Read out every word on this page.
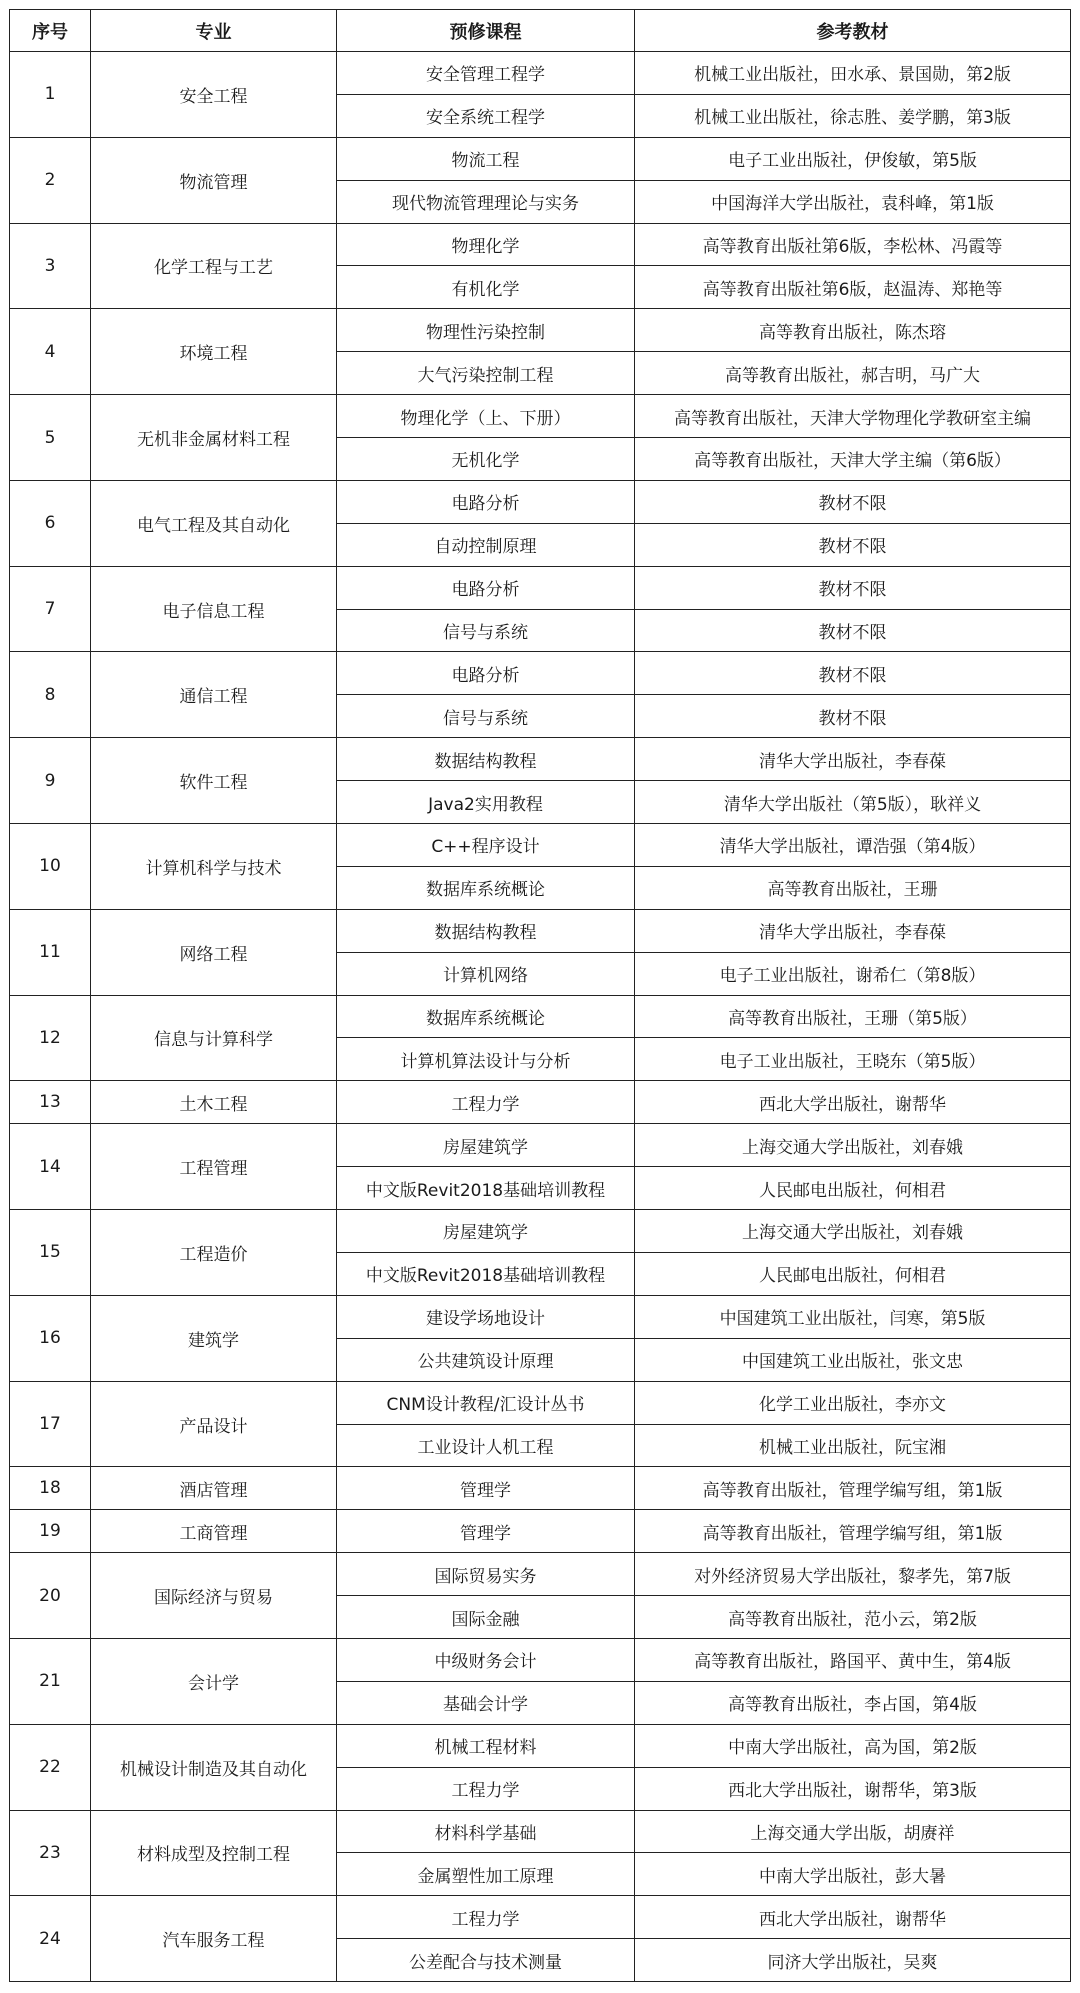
序号	专业	预修课程	参考教材
1	安全工程	安全管理工程学	机械工业出版社，田水承、景国勋，第2版
		安全系统工程学	机械工业出版社，徐志胜、姜学鹏，第3版
2	物流管理	物流工程	电子工业出版社，伊俊敏，第5版
		现代物流管理理论与实务	中国海洋大学出版社，袁科峰，第1版
3	化学工程与工艺	物理化学	高等教育出版社第6版，李松林、冯霞等
		有机化学	高等教育出版社第6版，赵温涛、郑艳等
4	环境工程	物理性污染控制	高等教育出版社，陈杰瑢
		大气污染控制工程	高等教育出版社，郝吉明，马广大
5	无机非金属材料工程	物理化学（上、下册）	高等教育出版社，天津大学物理化学教研室主编
		无机化学	高等教育出版社，天津大学主编（第6版）
6	电气工程及其自动化	电路分析	教材不限
		自动控制原理	教材不限
7	电子信息工程	电路分析	教材不限
		信号与系统	教材不限
8	通信工程	电路分析	教材不限
		信号与系统	教材不限
9	软件工程	数据结构教程	清华大学出版社，李春葆
		Java2实用教程	清华大学出版社（第5版），耿祥义
10	计算机科学与技术	C++程序设计	清华大学出版社，谭浩强（第4版）
		数据库系统概论	高等教育出版社，王珊
11	网络工程	数据结构教程	清华大学出版社，李春葆
		计算机网络	电子工业出版社，谢希仁（第8版）
12	信息与计算科学	数据库系统概论	高等教育出版社，王珊（第5版）
		计算机算法设计与分析	电子工业出版社，王晓东（第5版）
13	土木工程	工程力学	西北大学出版社，谢帮华
14	工程管理	房屋建筑学	上海交通大学出版社，刘春娥
		中文版Revit2018基础培训教程	人民邮电出版社，何相君
15	工程造价	房屋建筑学	上海交通大学出版社，刘春娥
		中文版Revit2018基础培训教程	人民邮电出版社，何相君
16	建筑学	建设学场地设计	中国建筑工业出版社，闫寒，第5版
		公共建筑设计原理	中国建筑工业出版社，张文忠
17	产品设计	CNM设计教程/汇设计丛书	化学工业出版社，李亦文
		工业设计人机工程	机械工业出版社，阮宝湘
18	酒店管理	管理学	高等教育出版社，管理学编写组，第1版
19	工商管理	管理学	高等教育出版社，管理学编写组，第1版
20	国际经济与贸易	国际贸易实务	对外经济贸易大学出版社，黎孝先，第7版
		国际金融	高等教育出版社，范小云，第2版
21	会计学	中级财务会计	高等教育出版社，路国平、黄中生，第4版
		基础会计学	高等教育出版社，李占国，第4版
22	机械设计制造及其自动化	机械工程材料	中南大学出版社，高为国，第2版
		工程力学	西北大学出版社，谢帮华，第3版
23	材料成型及控制工程	材料科学基础	上海交通大学出版，胡赓祥
		金属塑性加工原理	中南大学出版社，彭大暑
24	汽车服务工程	工程力学	西北大学出版社，谢帮华
		公差配合与技术测量	同济大学出版社，吴爽
